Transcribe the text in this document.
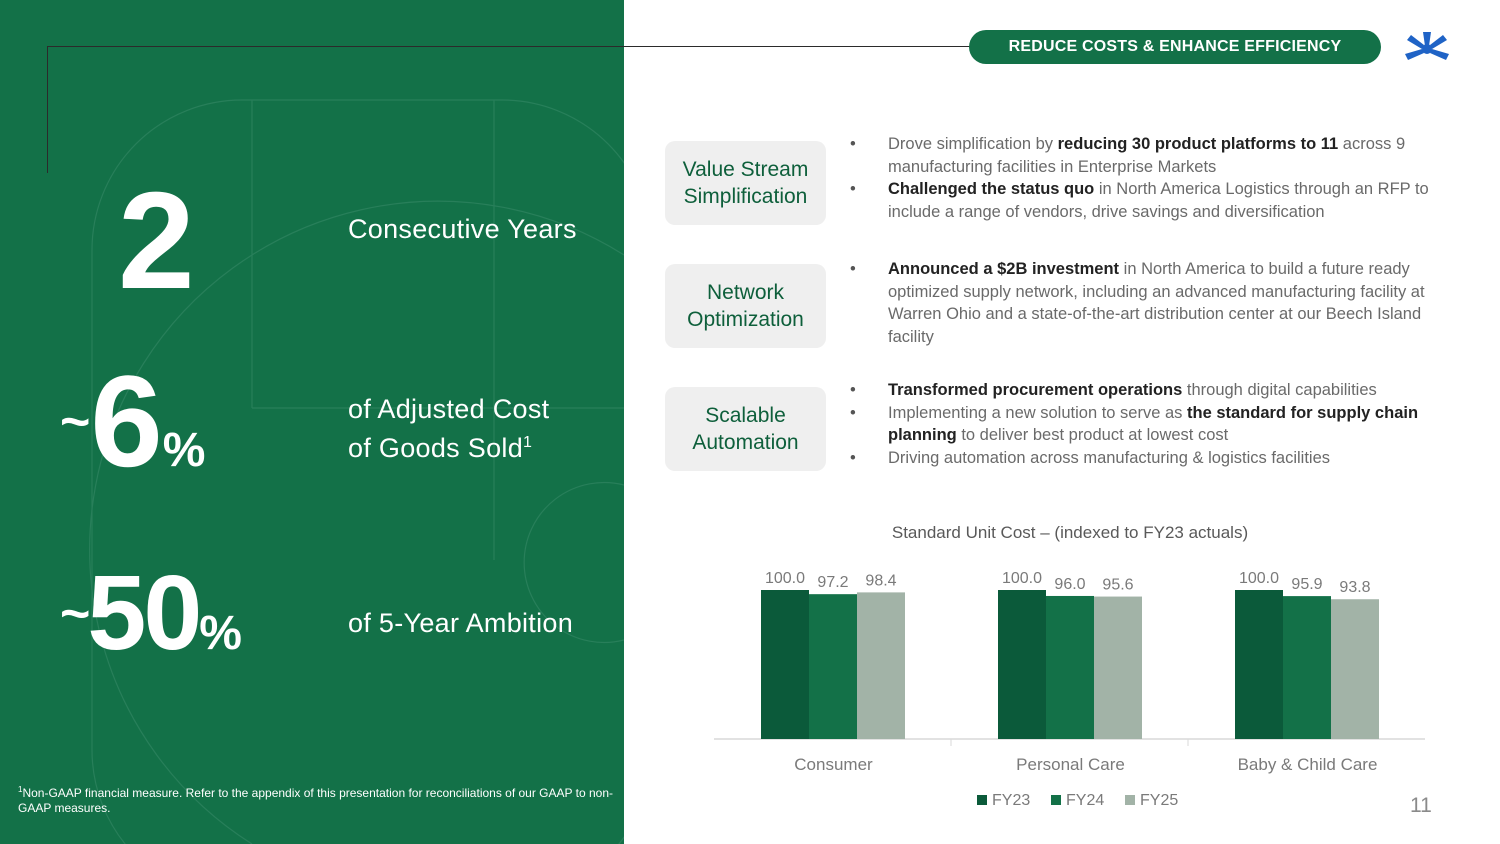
2	Consecutive Years
~6%
of Adjusted Cost
of Goods Sold$^1$
~50%	of 5-Year Ambition
$^1$Non-GAAP financial measure. Refer to the appendix of this presentation for reconciliations of our GAAP to non-GAAP measures.
REDUCE COSTS & ENHANCE EFFICIENCY
Value Stream
Simplification
Network
Optimization
Scalable
Automation
• Drove simplification by reducing 30 product platforms to 11 across 9 manufacturing facilities in Enterprise Markets
• Challenged the status quo in North America Logistics through an RFP to include a range of vendors, drive savings and diversification
• Announced a $2B investment in North America to build a future ready optimized supply network, including an advanced manufacturing facility at Warren Ohio and a state-of-the-art distribution center at our Beech Island facility
• Transformed procurement operations through digital capabilities
• Implementing a new solution to serve as the standard for supply chain planning to deliver best product at lowest cost
• Driving automation across manufacturing & logistics facilities
Standard Unit Cost – (indexed to FY23 actuals)
100.0 97.2 98.4
Consumer
100.0 96.0 95.6
Personal Care
100.0 95.9 93.8
Baby & Child Care
FY23 FY24 FY25	11
